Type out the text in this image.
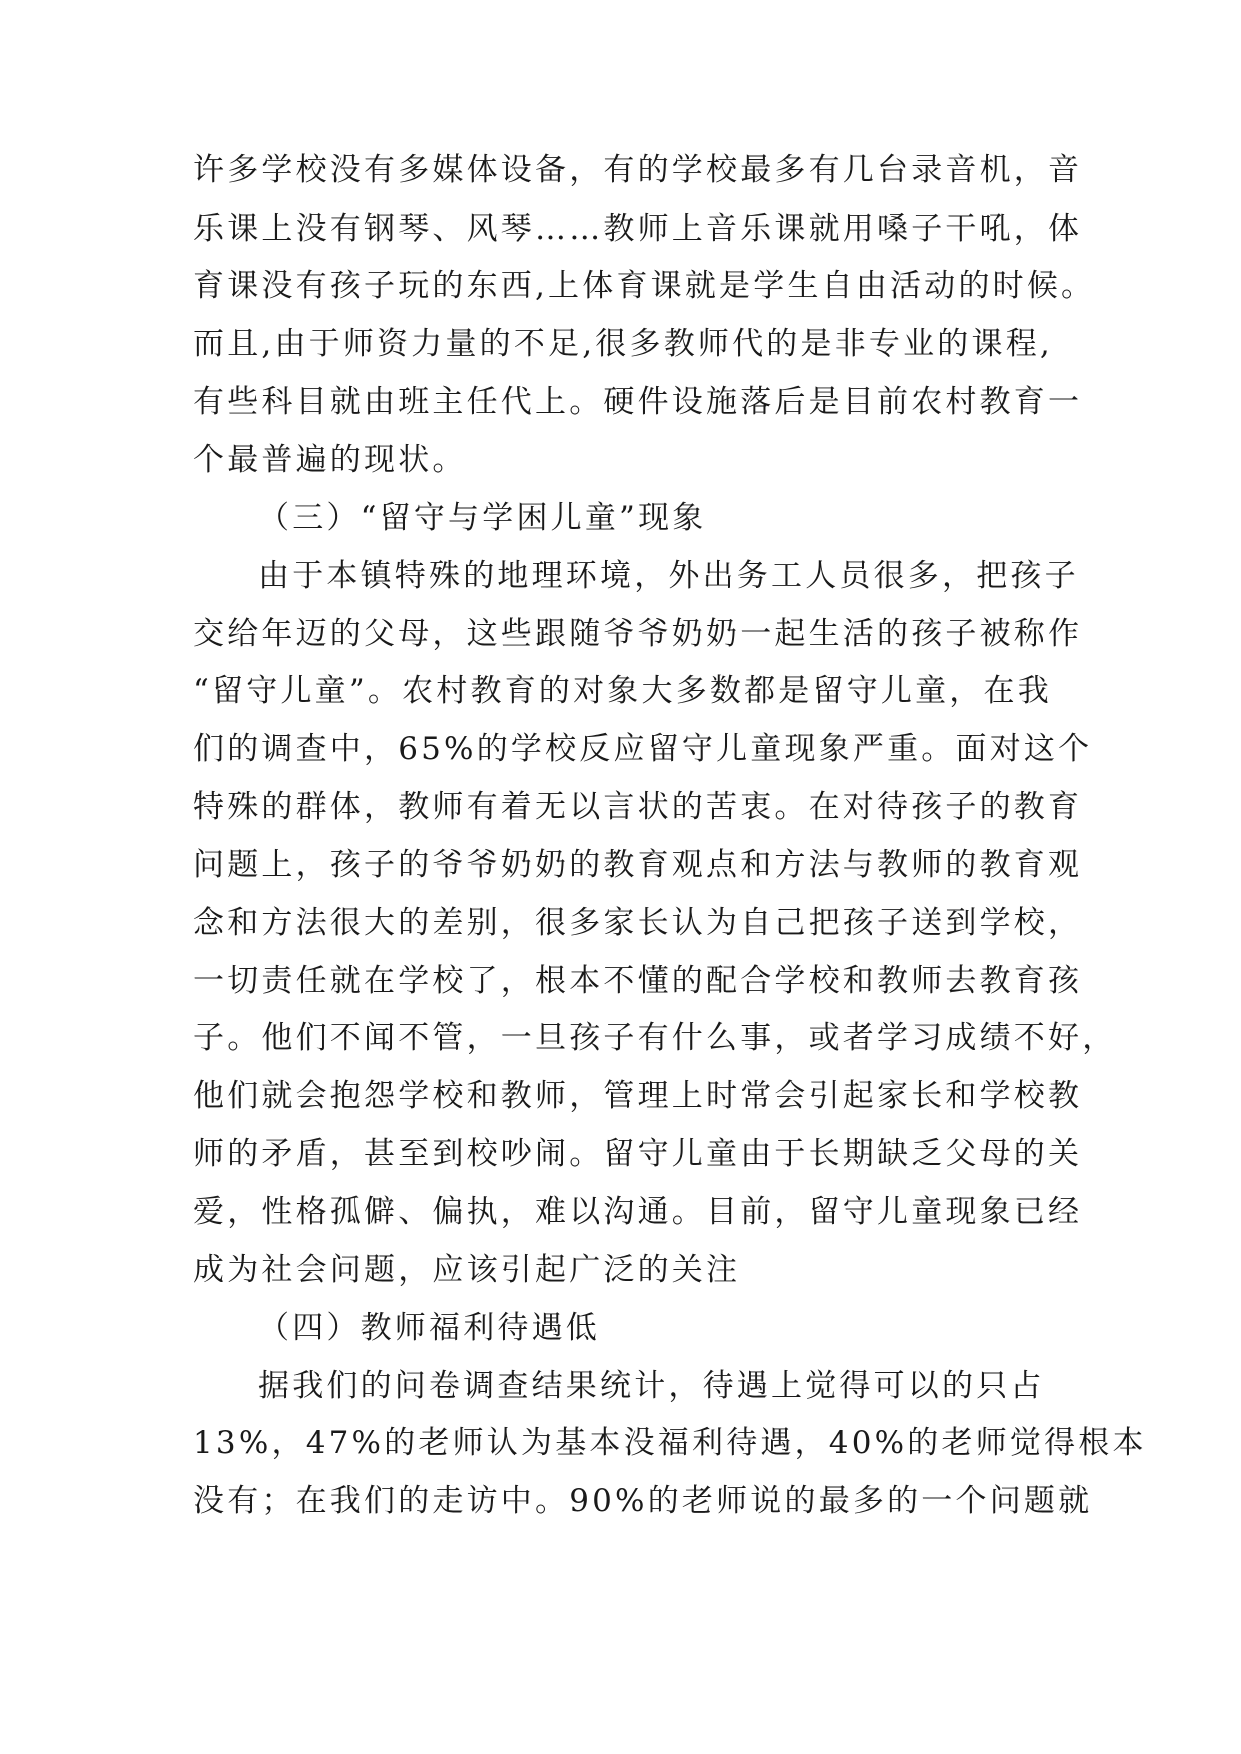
许多学校没有多媒体设备，有的学校最多有几台录音机，音
乐课上没有钢琴、风琴……教师上音乐课就用嗓子干吼，体
育课没有孩子玩的东西,上体育课就是学生自由活动的时候。
而且,由于师资力量的不足,很多教师代的是非专业的课程,
有些科目就由班主任代上。硬件设施落后是目前农村教育一
个最普遍的现状。
（三）“留守与学困儿童”现象
由于本镇特殊的地理环境，外出务工人员很多，把孩子
交给年迈的父母，这些跟随爷爷奶奶一起生活的孩子被称作
“留守儿童”。农村教育的对象大多数都是留守儿童，在我
们的调查中，65%的学校反应留守儿童现象严重。面对这个
特殊的群体，教师有着无以言状的苦衷。在对待孩子的教育
问题上，孩子的爷爷奶奶的教育观点和方法与教师的教育观
念和方法很大的差别，很多家长认为自己把孩子送到学校，
一切责任就在学校了，根本不懂的配合学校和教师去教育孩
子。他们不闻不管，一旦孩子有什么事，或者学习成绩不好，
他们就会抱怨学校和教师，管理上时常会引起家长和学校教
师的矛盾，甚至到校吵闹。留守儿童由于长期缺乏父母的关
爱，性格孤僻、偏执，难以沟通。目前，留守儿童现象已经
成为社会问题，应该引起广泛的关注
（四）教师福利待遇低
据我们的问卷调查结果统计，待遇上觉得可以的只占
13%，47%的老师认为基本没福利待遇，40%的老师觉得根本
没有；在我们的走访中。90%的老师说的最多的一个问题就
